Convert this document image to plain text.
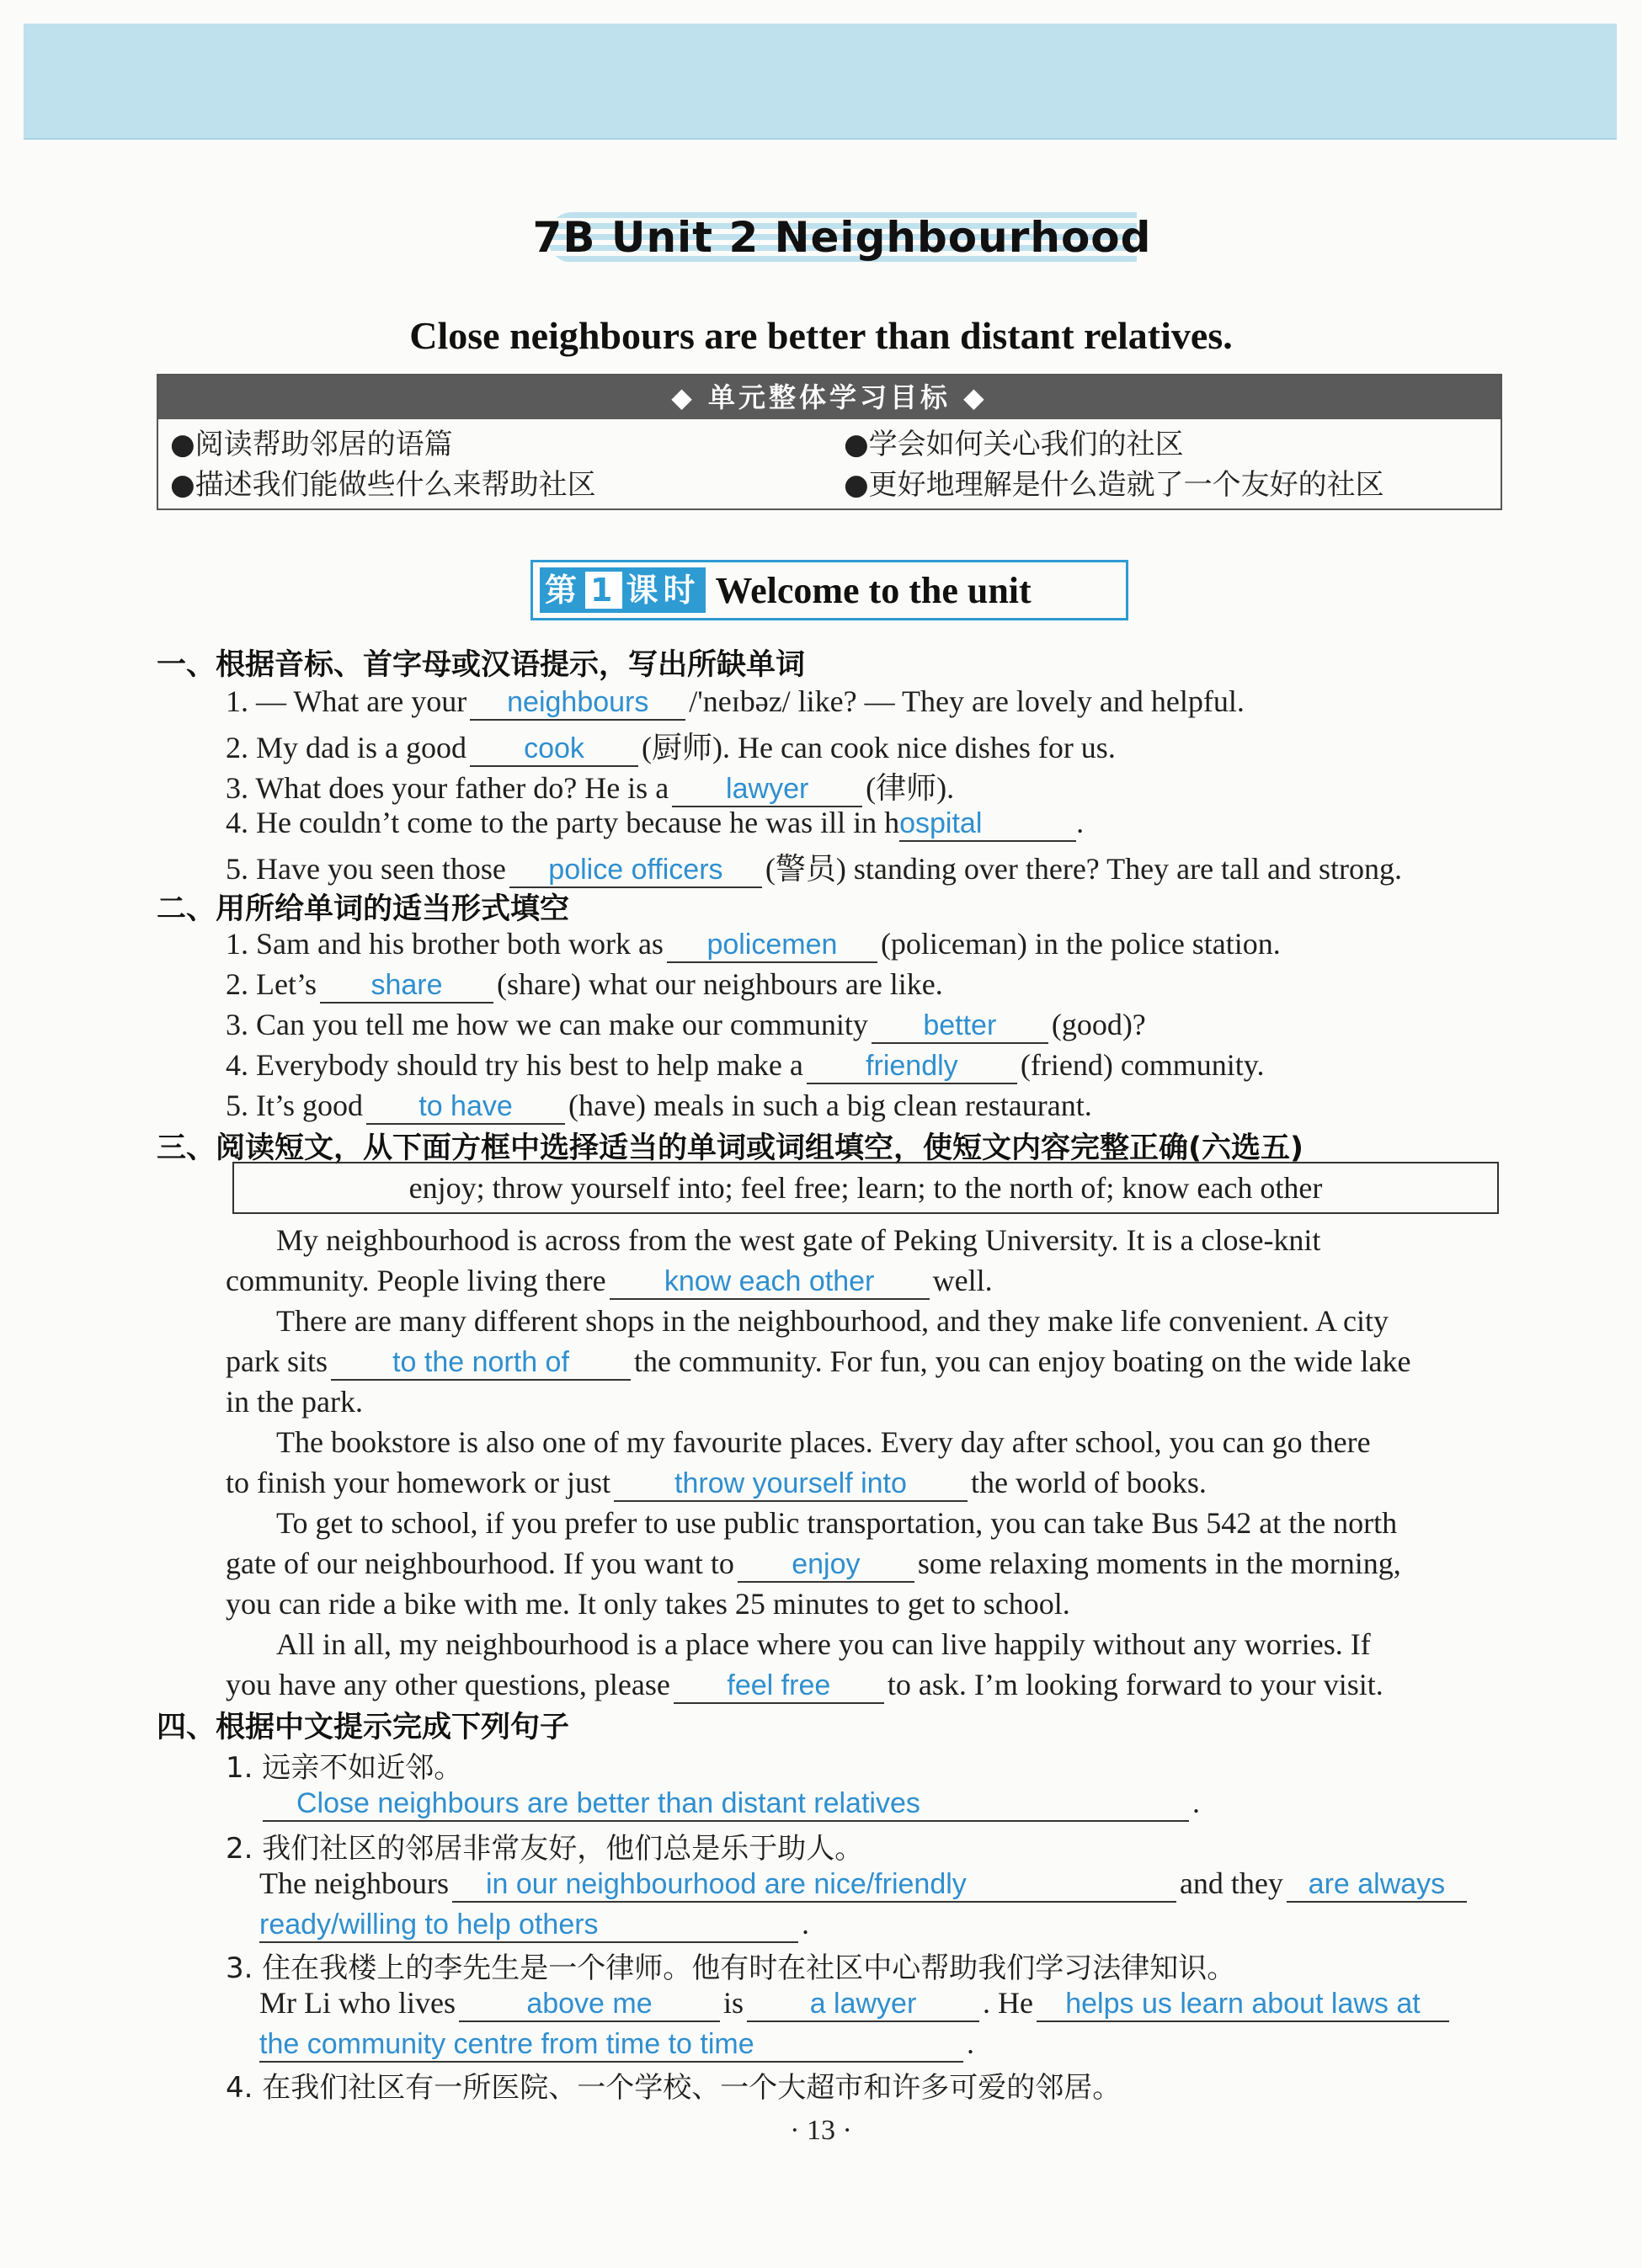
7B Unit 2 Neighbourhood
Close neighbours are better than distant relatives.
◆ 单元整体学习目标 ◆
●阅读帮助邻居的语篇	●学会如何关心我们的社区
●描述我们能做些什么来帮助社区	●更好地理解是什么造就了一个友好的社区
第 1 课时 Welcome to the unit
一、根据音标、首字母或汉语提示，写出所缺单词
1. — What are your neighbours /'neɪbəz/ like? — They are lovely and helpful.
2. My dad is a good cook (厨师). He can cook nice dishes for us.
3. What does your father do? He is a lawyer (律师).
4. He couldn’t come to the party because he was ill in hospital	.
5. Have you seen those police officers (警员) standing over there? They are tall and strong.
二、用所给单词的适当形式填空
1. Sam and his brother both work as policemen (policeman) in the police station.
2. Let’s share (share) what our neighbours are like.
3. Can you tell me how we can make our community better (good)?
4. Everybody should try his best to help make a friendly (friend) community.
5. It’s good to have (have) meals in such a big clean restaurant.
三、阅读短文，从下面方框中选择适当的单词或词组填空，使短文内容完整正确(六选五)
enjoy; throw yourself into; feel free; learn; to the north of; know each other
My neighbourhood is across from the west gate of Peking University. It is a close-knit
community. People living there know each other well.
There are many different shops in the neighbourhood, and they make life convenient. A city
park sits to the north of the community. For fun, you can enjoy boating on the wide lake
in the park.
The bookstore is also one of my favourite places. Every day after school, you can go there
to finish your homework or just throw yourself into the world of books.
To get to school, if you prefer to use public transportation, you can take Bus 542 at the north
gate of our neighbourhood. If you want to enjoy some relaxing moments in the morning,
you can ride a bike with me. It only takes 25 minutes to get to school.
All in all, my neighbourhood is a place where you can live happily without any worries. If
you have any other questions, please feel free to ask. I’m looking forward to your visit.
四、根据中文提示完成下列句子
1. 远亲不如近邻。
Close neighbours are better than distant relatives	.
2. 我们社区的邻居非常友好，他们总是乐于助人。
The neighbours in our neighbourhood are nice/friendly	and they are always
ready/willing to help others	.
3. 住在我楼上的李先生是一个律师。他有时在社区中心帮助我们学习法律知识。
Mr Li who lives above me is a lawyer . He helps us learn about laws at
the community centre from time to time	.
4. 在我们社区有一所医院、一个学校、一个大超市和许多可爱的邻居。
· 13 ·
